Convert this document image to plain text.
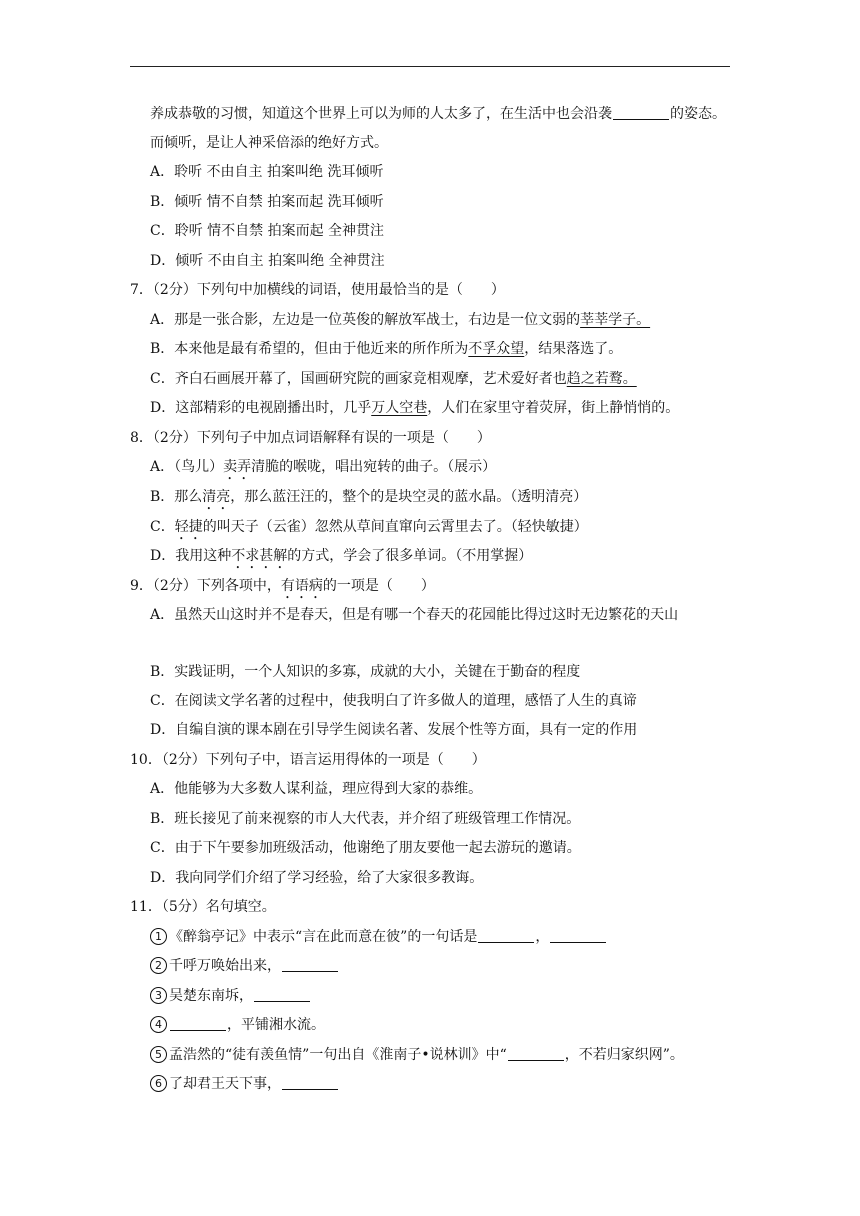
养成恭敬的习惯，知道这个世界上可以为师的人太多了，在生活中也会沿袭	的姿态。
而倾听，是让人神采倍添的绝好方式。
A．聆听 不由自主 拍案叫绝 洗耳倾听
B．倾听 情不自禁 拍案而起 洗耳倾听
C．聆听 情不自禁 拍案而起 全神贯注
D．倾听 不由自主 拍案叫绝 全神贯注
7．（2分）下列句中加横线的词语，使用最恰当的是（　　）
A．那是一张合影，左边是一位英俊的解放军战士，右边是一位文弱的莘莘学子。
B．本来他是最有希望的，但由于他近来的所作所为不孚众望，结果落选了。
C．齐白石画展开幕了，国画研究院的画家竞相观摩，艺术爱好者也趋之若鹜。
D．这部精彩的电视剧播出时，几乎万人空巷，人们在家里守着荧屏，街上静悄悄的。
8．（2分）下列句子中加点词语解释有误的一项是（　　）
A．（鸟儿）卖弄清脆的喉咙，唱出宛转的曲子。（展示）
B．那么清亮，那么蓝汪汪的，整个的是块空灵的蓝水晶。（透明清亮）
C．轻捷的叫天子（云雀）忽然从草间直窜向云霄里去了。（轻快敏捷）
D．我用这种不求甚解的方式，学会了很多单词。（不用掌握）
9．（2分）下列各项中，有语病的一项是（　　）
A．虽然天山这时并不是春天，但是有哪一个春天的花园能比得过这时无边繁花的天山
B．实践证明，一个人知识的多寡，成就的大小，关键在于勤奋的程度
C．在阅读文学名著的过程中，使我明白了许多做人的道理，感悟了人生的真谛
D．自编自演的课本剧在引导学生阅读名著、发展个性等方面，具有一定的作用
10．（2分）下列句子中，语言运用得体的一项是（　　）
A．他能够为大多数人谋利益，理应得到大家的恭维。
B．班长接见了前来视察的市人大代表，并介绍了班级管理工作情况。
C．由于下午要参加班级活动，他谢绝了朋友要他一起去游玩的邀请。
D．我向同学们介绍了学习经验，给了大家很多教诲。
11．（5分）名句填空。
1 《醉翁亭记》中表示“言在此而意在彼”的一句话是	，
2 千呼万唤始出来，
3 吴楚东南坼，
4	，平铺湘水流。
5 孟浩然的“徒有羡鱼情”一句出自《淮南子•说林训》中“	，不若归家织网”。
6 了却君王天下事，
